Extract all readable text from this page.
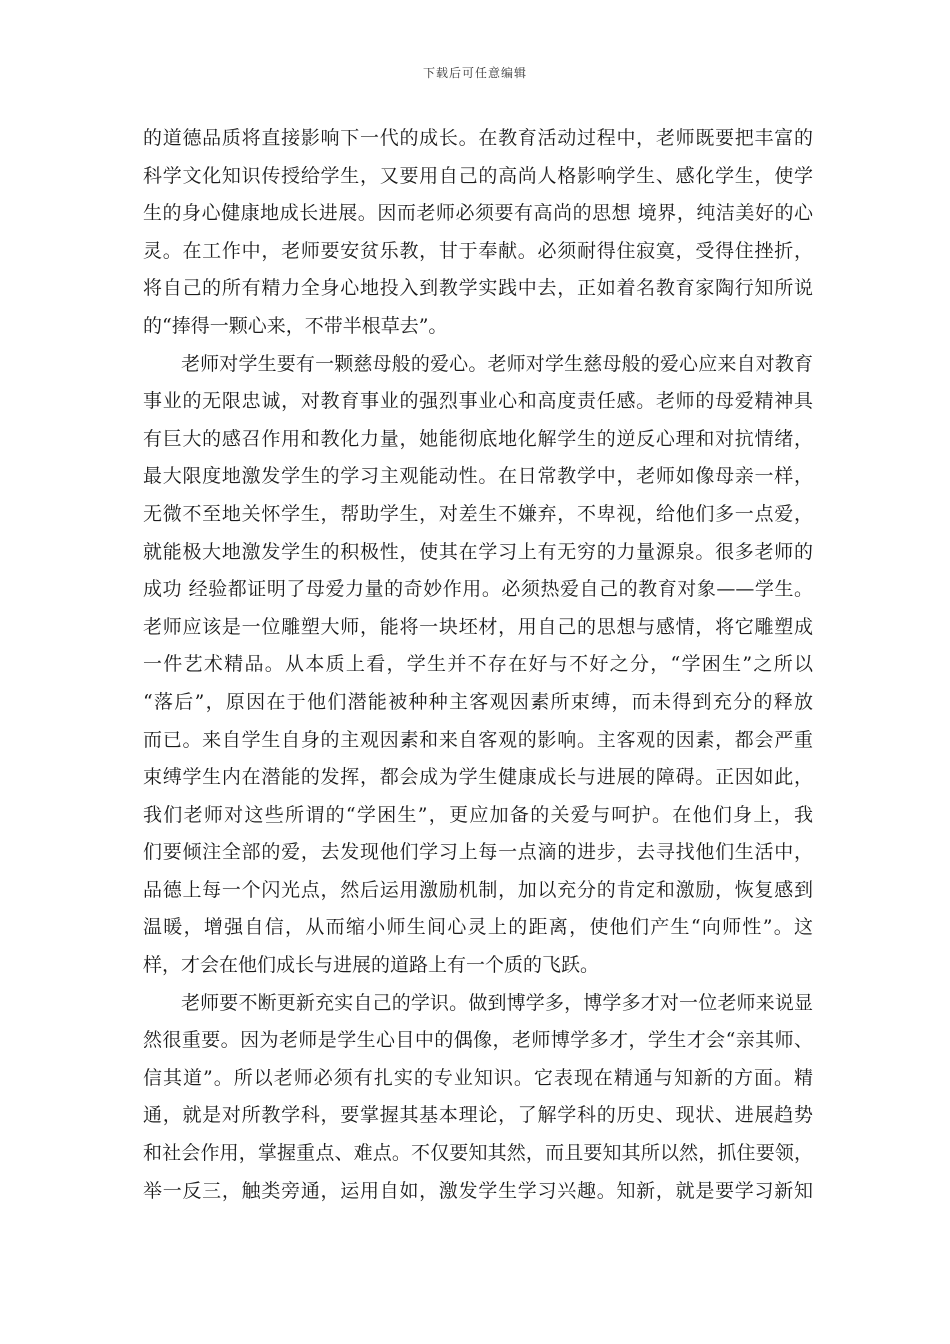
下载后可任意编辑
的道德品质将直接影响下一代的成长。在教育活动过程中，老师既要把丰富的
科学文化知识传授给学生，又要用自己的高尚人格影响学生、感化学生，使学
生的身心健康地成长进展。因而老师必须要有高尚的思想 境界，纯洁美好的心
灵。在工作中，老师要安贫乐教，甘于奉献。必须耐得住寂寞，受得住挫折，
将自己的所有精力全身心地投入到教学实践中去，正如着名教育家陶行知所说
的“捧得一颗心来，不带半根草去”。
老师对学生要有一颗慈母般的爱心。老师对学生慈母般的爱心应来自对教育
事业的无限忠诚，对教育事业的强烈事业心和高度责任感。老师的母爱精神具
有巨大的感召作用和教化力量，她能彻底地化解学生的逆反心理和对抗情绪，
最大限度地激发学生的学习主观能动性。在日常教学中，老师如像母亲一样，
无微不至地关怀学生，帮助学生，对差生不嫌弃，不卑视，给他们多一点爱，
就能极大地激发学生的积极性，使其在学习上有无穷的力量源泉。很多老师的
成功 经验都证明了母爱力量的奇妙作用。必须热爱自己的教育对象——学生。
老师应该是一位雕塑大师，能将一块坯材，用自己的思想与感情，将它雕塑成
一件艺术精品。从本质上看，学生并不存在好与不好之分，“学困生”之所以
“落后”，原因在于他们潜能被种种主客观因素所束缚，而未得到充分的释放
而已。来自学生自身的主观因素和来自客观的影响。主客观的因素，都会严重
束缚学生内在潜能的发挥，都会成为学生健康成长与进展的障碍。正因如此，
我们老师对这些所谓的“学困生”，更应加备的关爱与呵护。在他们身上，我
们要倾注全部的爱，去发现他们学习上每一点滴的进步，去寻找他们生活中，
品德上每一个闪光点，然后运用激励机制，加以充分的肯定和激励，恢复感到
温暖，增强自信，从而缩小师生间心灵上的距离，使他们产生“向师性”。这
样，才会在他们成长与进展的道路上有一个质的飞跃。
老师要不断更新充实自己的学识。做到博学多，博学多才对一位老师来说显
然很重要。因为老师是学生心目中的偶像，老师博学多才，学生才会“亲其师、
信其道”。所以老师必须有扎实的专业知识。它表现在精通与知新的方面。精
通，就是对所教学科，要掌握其基本理论，了解学科的历史、现状、进展趋势
和社会作用，掌握重点、难点。不仅要知其然，而且要知其所以然，抓住要领，
举一反三，触类旁通，运用自如，激发学生学习兴趣。知新，就是要学习新知
